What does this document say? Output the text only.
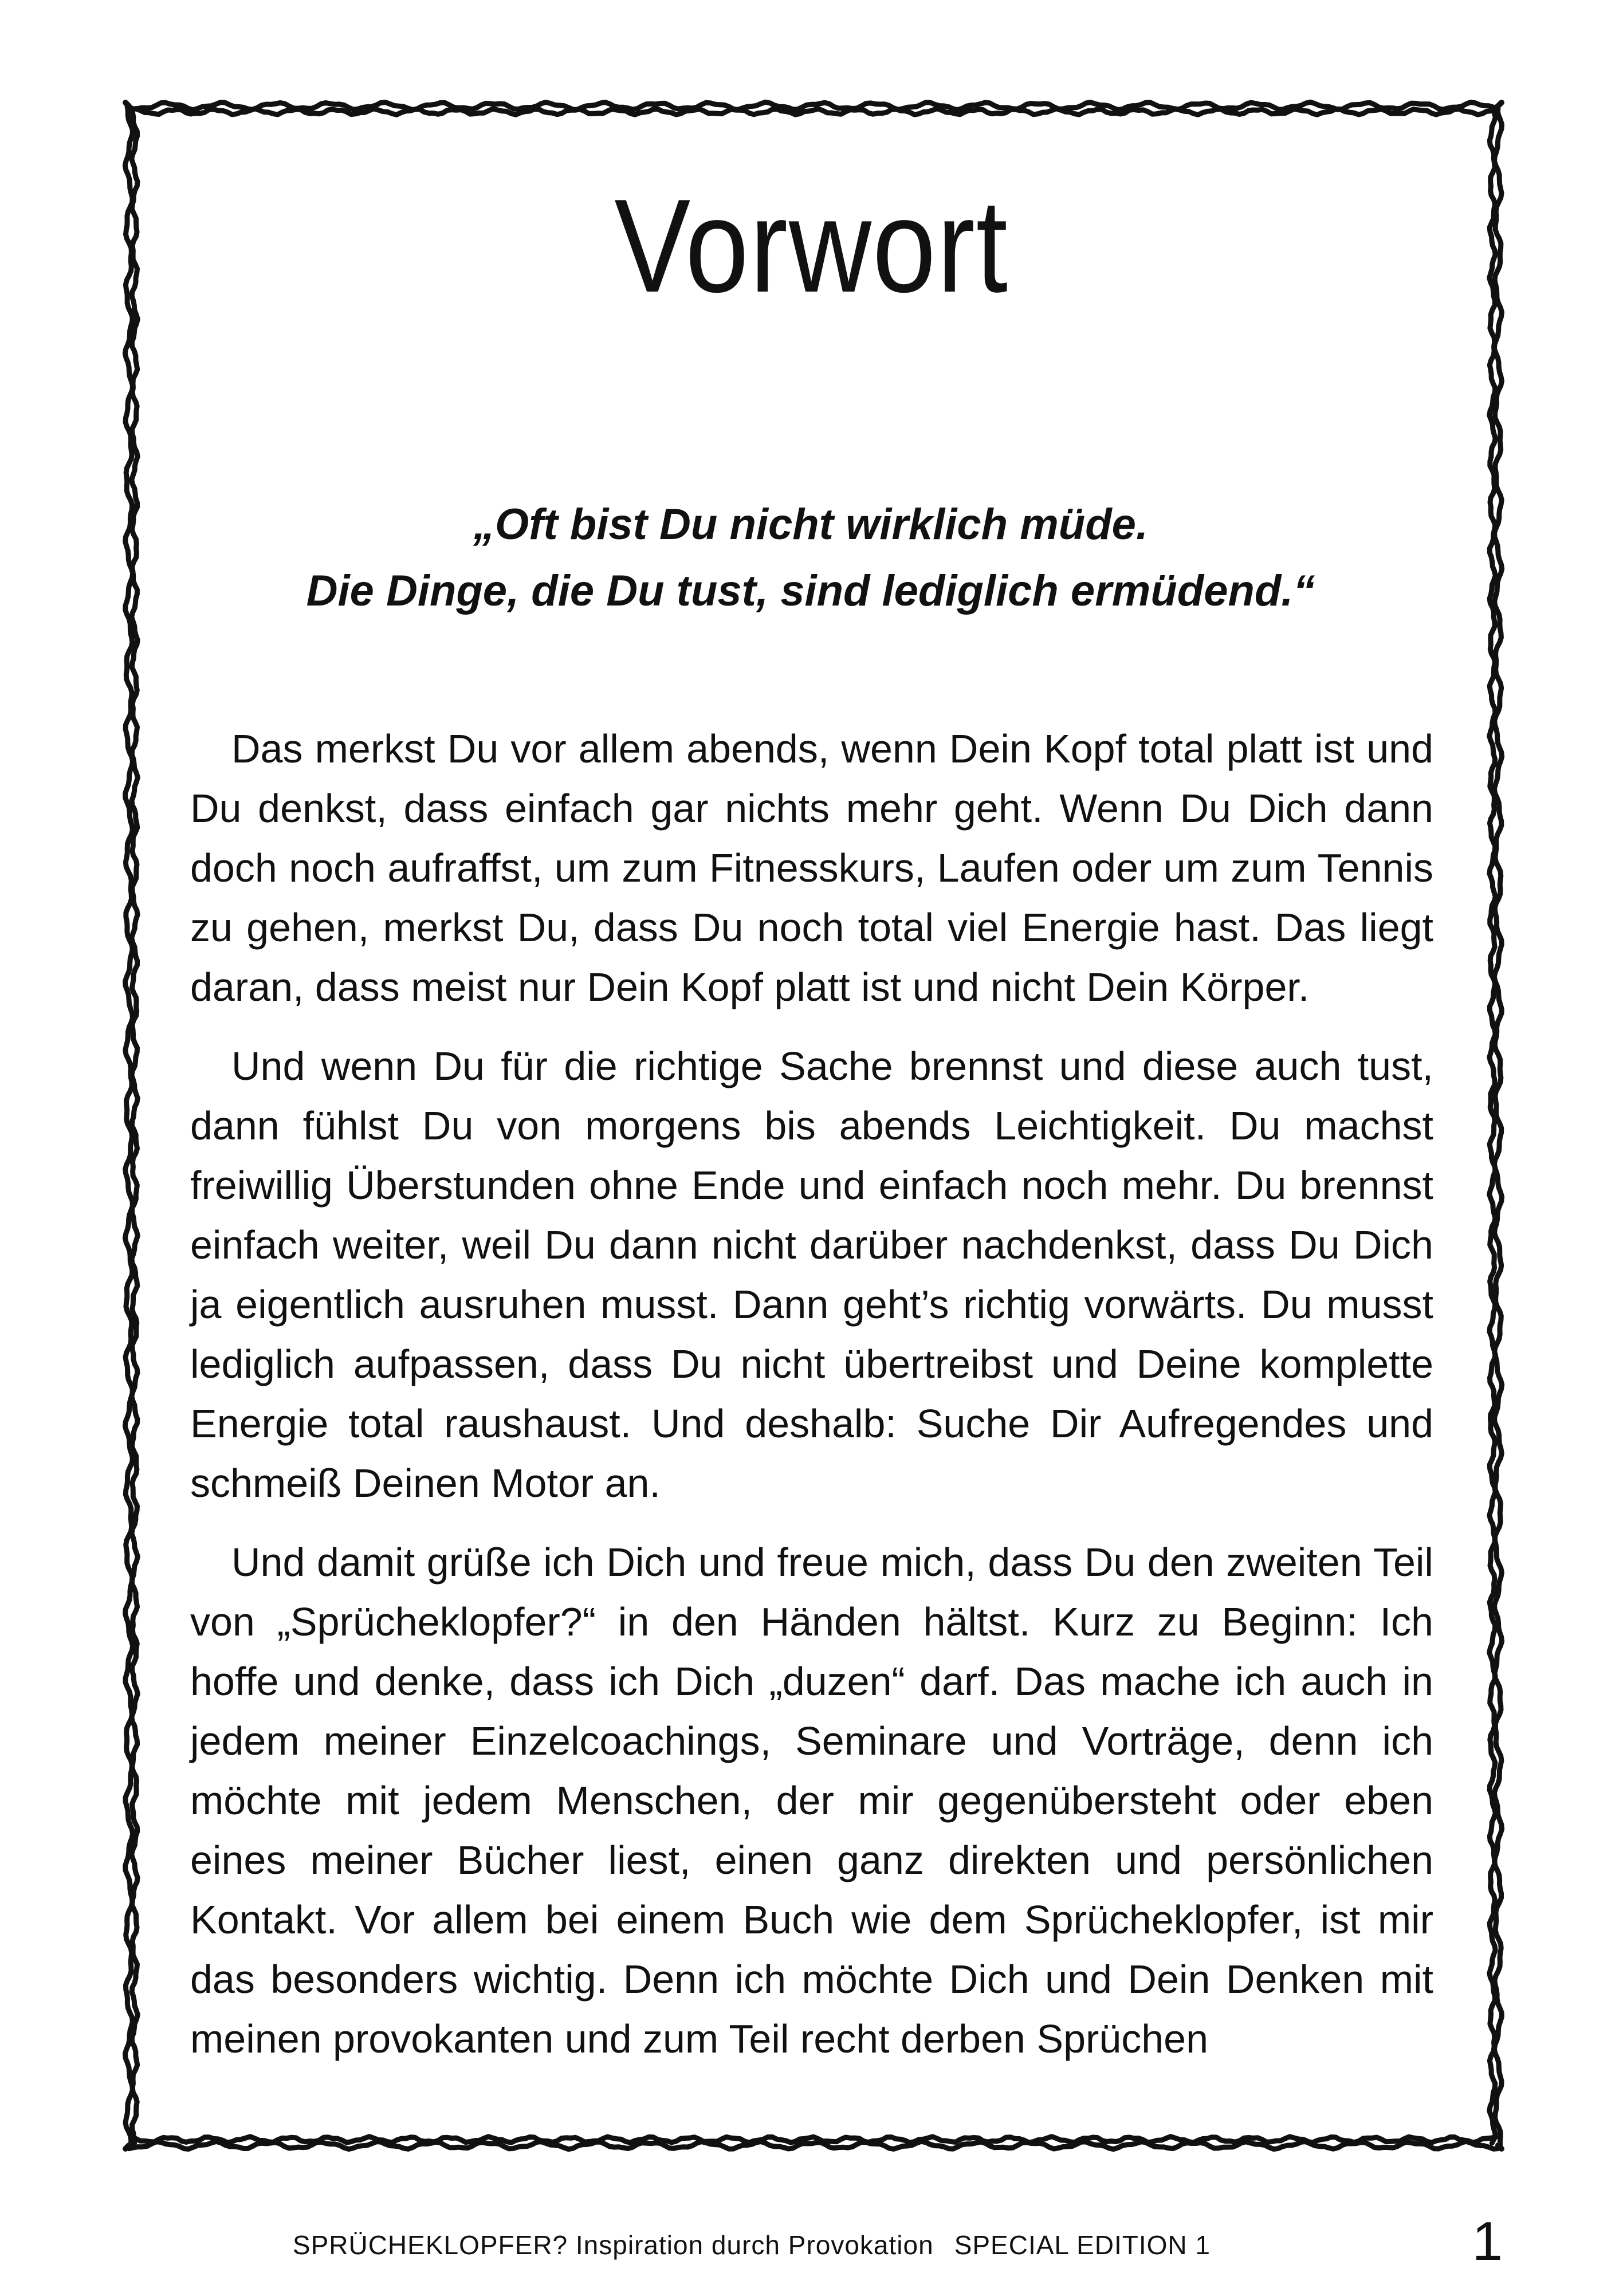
Vorwort
„Oft bist Du nicht wirklich müde.
Die Dinge, die Du tust, sind lediglich ermüdend.“

Das merkst Du vor allem abends, wenn Dein Kopf total platt ist und Du denkst, dass einfach gar nichts mehr geht. Wenn Du Dich dann doch noch aufraffst, um zum Fitnesskurs, Laufen oder um zum Tennis zu gehen, merkst Du, dass Du noch total viel Energie hast. Das liegt daran, dass meist nur Dein Kopf platt ist und nicht Dein Körper.

Und wenn Du für die richtige Sache brennst und diese auch tust, dann fühlst Du von morgens bis abends Leichtigkeit. Du machst freiwillig Überstunden ohne Ende und einfach noch mehr. Du brennst einfach weiter, weil Du dann nicht darüber nachdenkst, dass Du Dich ja eigentlich ausruhen musst. Dann geht’s richtig vorwärts. Du musst lediglich aufpassen, dass Du nicht übertreibst und Deine komplette Energie total raushaust. Und deshalb: Suche Dir Aufregendes und schmeiß Deinen Motor an.

Und damit grüße ich Dich und freue mich, dass Du den zweiten Teil von „Sprücheklopfer?“ in den Händen hältst. Kurz zu Beginn: Ich hoffe und denke, dass ich Dich „duzen“ darf. Das mache ich auch in jedem meiner Einzelcoachings, Seminare und Vorträge, denn ich möchte mit jedem Menschen, der mir gegenübersteht oder eben eines meiner Bücher liest, einen ganz direkten und persönlichen Kontakt. Vor allem bei einem Buch wie dem Sprücheklopfer, ist mir das besonders wichtig. Denn ich möchte Dich und Dein Denken mit meinen provokanten und zum Teil recht derben Sprüchen

SPRÜCHEKLOPFER? Inspiration durch Provokation SPECIAL EDITION 1	1
